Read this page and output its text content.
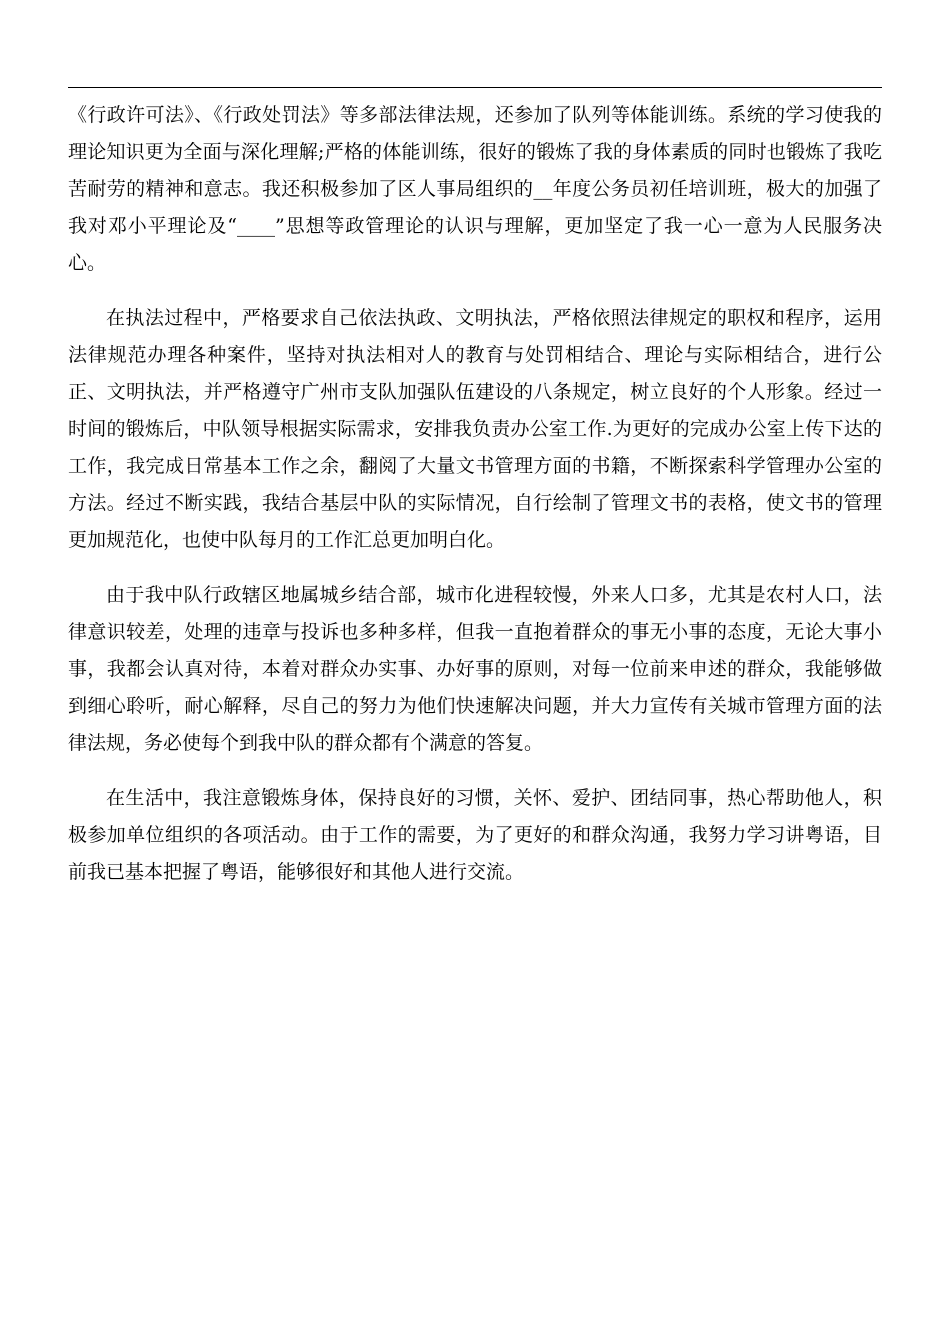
《行政许可法》、《行政处罚法》等多部法律法规，还参加了队列等体能训练。系统的学习使我的理论知识更为全面与深化理解;严格的体能训练，很好的锻炼了我的身体素质的同时也锻炼了我吃苦耐劳的精神和意志。我还积极参加了区人事局组织的__年度公务员初任培训班，极大的加强了我对邓小平理论及“____”思想等政管理论的认识与理解，更加坚定了我一心一意为人民服务决心。

在执法过程中，严格要求自己依法执政、文明执法，严格依照法律规定的职权和程序，运用法律规范办理各种案件，坚持对执法相对人的教育与处罚相结合、理论与实际相结合，进行公正、文明执法，并严格遵守广州市支队加强队伍建设的八条规定，树立良好的个人形象。经过一时间的锻炼后，中队领导根据实际需求，安排我负责办公室工作.为更好的完成办公室上传下达的工作，我完成日常基本工作之余，翻阅了大量文书管理方面的书籍，不断探索科学管理办公室的方法。经过不断实践，我结合基层中队的实际情况，自行绘制了管理文书的表格，使文书的管理更加规范化，也使中队每月的工作汇总更加明白化。

由于我中队行政辖区地属城乡结合部，城市化进程较慢，外来人口多，尤其是农村人口，法律意识较差，处理的违章与投诉也多种多样，但我一直抱着群众的事无小事的态度，无论大事小事，我都会认真对待，本着对群众办实事、办好事的原则，对每一位前来申述的群众，我能够做到细心聆听，耐心解释，尽自己的努力为他们快速解决问题，并大力宣传有关城市管理方面的法律法规，务必使每个到我中队的群众都有个满意的答复。

在生活中，我注意锻炼身体，保持良好的习惯，关怀、爱护、团结同事，热心帮助他人，积极参加单位组织的各项活动。由于工作的需要，为了更好的和群众沟通，我努力学习讲粤语，目前我已基本把握了粤语，能够很好和其他人进行交流。
